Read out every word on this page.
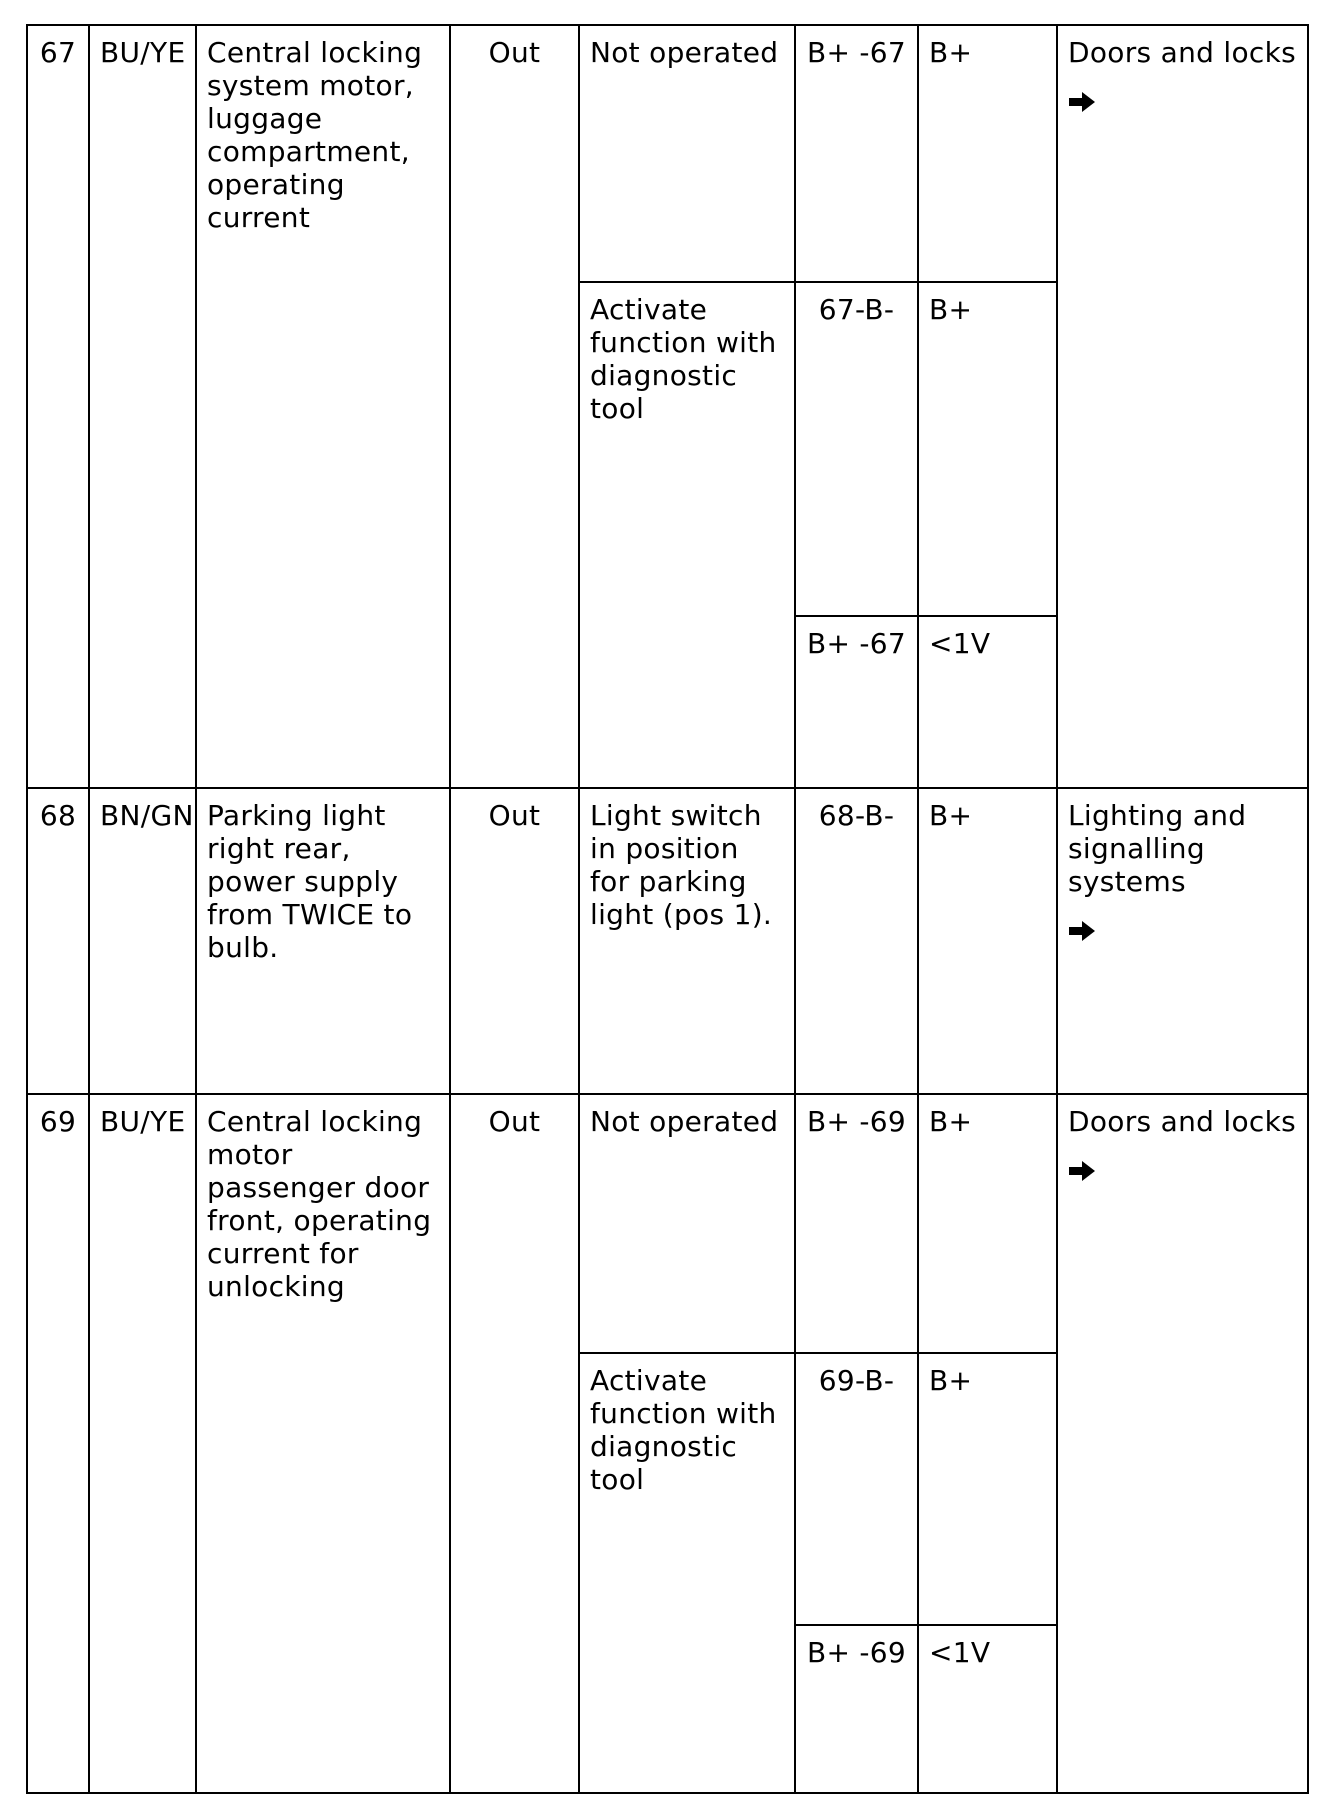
67	BU/YE	Central locking system motor, luggage compartment, operating current	Out	Not operated	B+ -67	B+	Doors and locks

				Activate function with diagnostic tool	67-B-	B+	
					B+ -67	<1V	
68	BN/GN	Parking light right rear, power supply from TWICE to bulb.	Out	Light switch in position for parking light (pos 1).	68-B-	B+	Lighting and signalling systems

69	BU/YE	Central locking motor passenger door front, operating current for unlocking	Out	Not operated	B+ -69	B+	Doors and locks

				Activate function with diagnostic tool	69-B-	B+	
					B+ -69	<1V	
